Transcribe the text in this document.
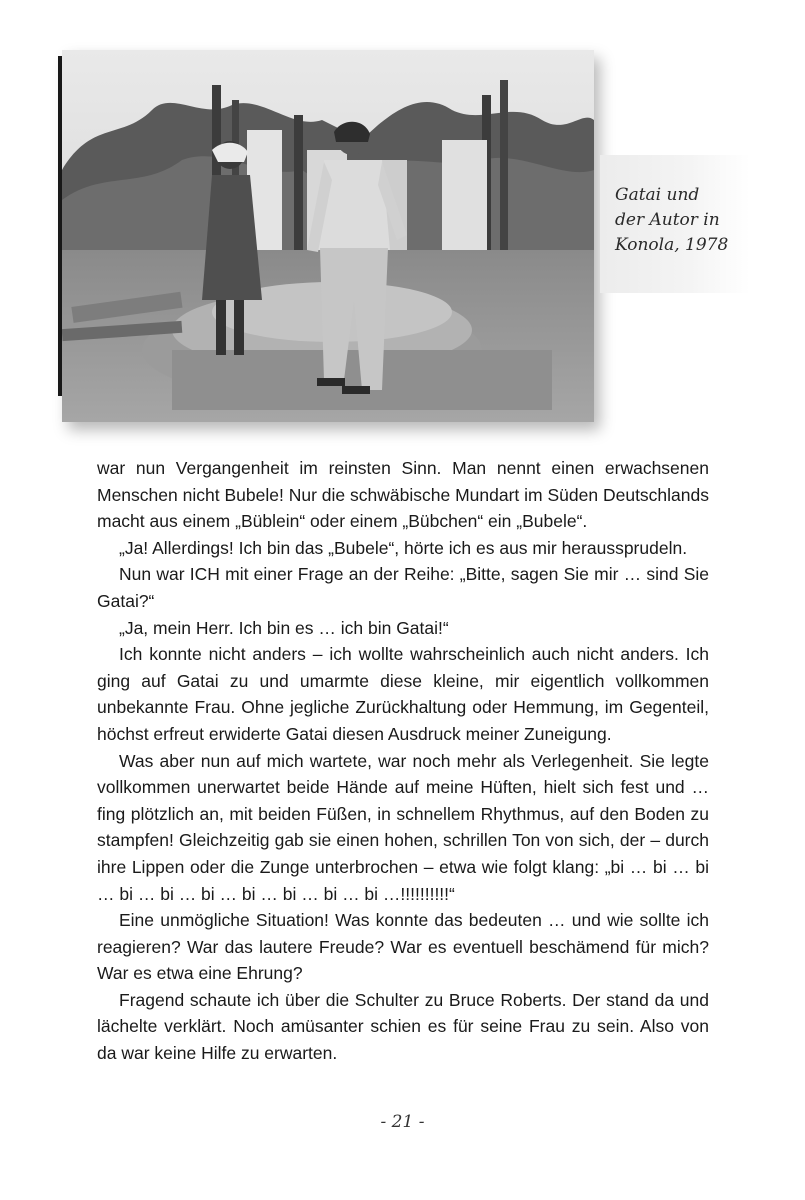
Gatai und
der Autor in
Konola, 1978

war nun Vergangenheit im reinsten Sinn. Man nennt einen erwachsenen Menschen nicht Bubele! Nur die schwäbische Mundart im Süden Deutschlands macht aus einem „Büblein“ oder einem „Bübchen“ ein „Bubele“.

„Ja! Allerdings! Ich bin das „Bubele“, hörte ich es aus mir heraussprudeln.

Nun war ICH mit einer Frage an der Reihe: „Bitte, sagen Sie mir … sind Sie Gatai?“

„Ja, mein Herr. Ich bin es … ich bin Gatai!“

Ich konnte nicht anders – ich wollte wahrscheinlich auch nicht anders. Ich ging auf Gatai zu und umarmte diese kleine, mir eigentlich vollkommen unbekannte Frau. Ohne jegliche Zurückhaltung oder Hemmung, im Gegenteil, höchst erfreut erwiderte Gatai diesen Ausdruck meiner Zuneigung.

Was aber nun auf mich wartete, war noch mehr als Verlegenheit. Sie legte vollkommen unerwartet beide Hände auf meine Hüften, hielt sich fest und … fing plötzlich an, mit beiden Füßen, in schnellem Rhythmus, auf den Boden zu stampfen! Gleichzeitig gab sie einen hohen, schrillen Ton von sich, der – durch ihre Lippen oder die Zunge unterbrochen – etwa wie folgt klang: „bi … bi … bi … bi … bi … bi … bi … bi … bi … bi …!!!!!!!!!!“

Eine unmögliche Situation! Was konnte das bedeuten … und wie sollte ich reagieren? War das lautere Freude? War es eventuell beschämend für mich? War es etwa eine Ehrung?

Fragend schaute ich über die Schulter zu Bruce Roberts. Der stand da und lächelte verklärt. Noch amüsanter schien es für seine Frau zu sein. Also von da war keine Hilfe zu erwarten.

- 21 -
